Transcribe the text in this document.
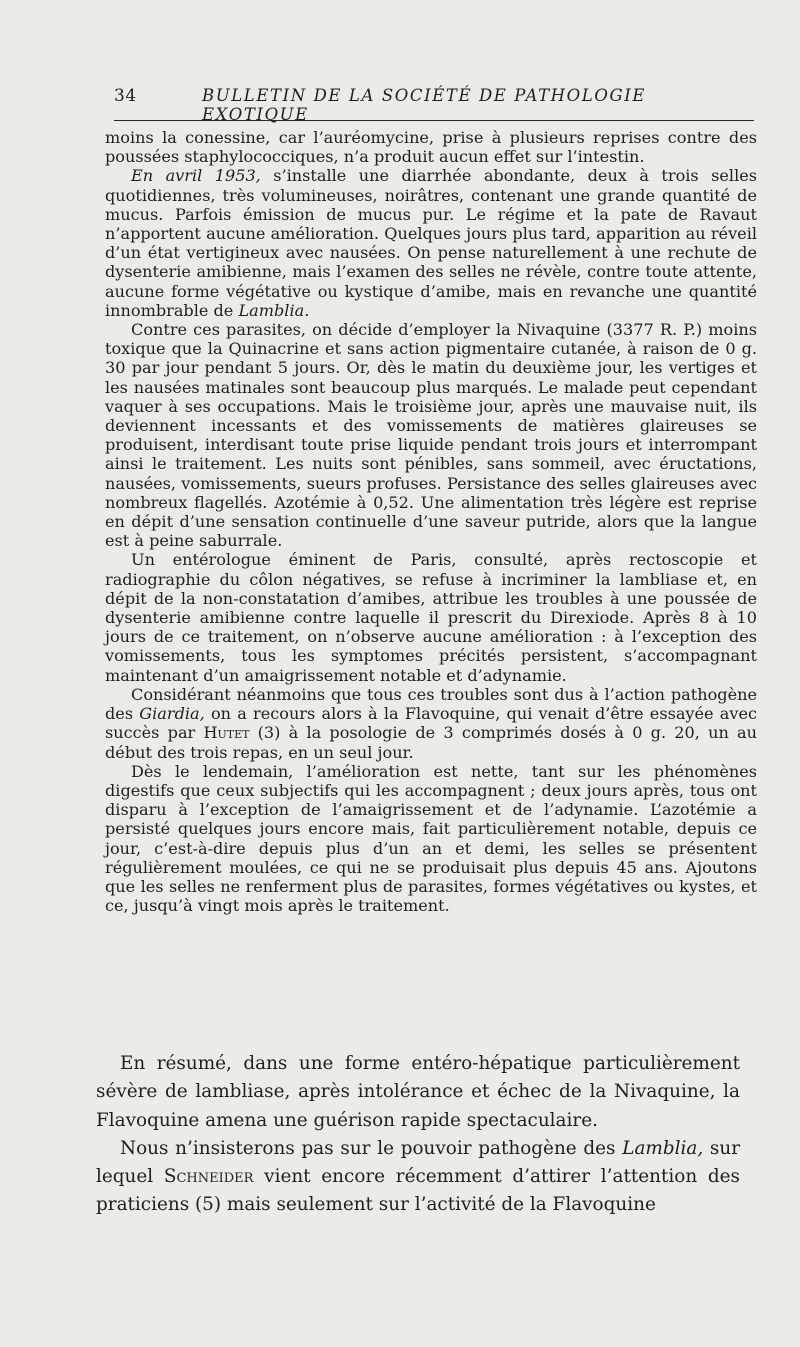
34	BULLETIN DE LA SOCIÉTÉ DE PATHOLOGIE EXOTIQUE

moins la conessine, car l’auréomycine, prise à plusieurs reprises contre des poussées staphylococciques, n’a produit aucun effet sur l’intestin.

En avril 1953, s’installe une diarrhée abondante, deux à trois selles quotidiennes, très volumineuses, noirâtres, contenant une grande quantité de mucus. Parfois émission de mucus pur. Le régime et la pate de Ravaut n’apportent aucune amélioration. Quelques jours plus tard, apparition au réveil d’un état vertigineux avec nausées. On pense naturellement à une rechute de dysenterie amibienne, mais l’examen des selles ne révèle, contre toute attente, aucune forme végétative ou kystique d’amibe, mais en revanche une quantité innombrable de Lamblia.

Contre ces parasites, on décide d’employer la Nivaquine (3377 R. P.) moins toxique que la Quinacrine et sans action pigmentaire cutanée, à raison de 0 g. 30 par jour pendant 5 jours. Or, dès le matin du deuxième jour, les vertiges et les nausées matinales sont beaucoup plus marqués. Le malade peut cependant vaquer à ses occupations. Mais le troisième jour, après une mauvaise nuit, ils deviennent incessants et des vomissements de matières glaireuses se produisent, interdisant toute prise liquide pendant trois jours et interrompant ainsi le traitement. Les nuits sont pénibles, sans sommeil, avec éructations, nausées, vomissements, sueurs profuses. Persistance des selles glaireuses avec nombreux flagellés. Azotémie à 0,52. Une alimentation très légère est reprise en dépit d’une sensation continuelle d’une saveur putride, alors que la langue est à peine saburrale.

Un entérologue éminent de Paris, consulté, après rectoscopie et radiographie du côlon négatives, se refuse à incriminer la lambliase et, en dépit de la non-constatation d’amibes, attribue les troubles à une poussée de dysenterie amibienne contre laquelle il prescrit du Direxiode. Après 8 à 10 jours de ce traitement, on n’observe aucune amélioration : à l’exception des vomissements, tous les symptomes précités persistent, s’accompagnant maintenant d’un amaigrissement notable et d’adynamie.

Considérant néanmoins que tous ces troubles sont dus à l’action pathogène des Giardia, on a recours alors à la Flavoquine, qui venait d’être essayée avec succès par Hutet (3) à la posologie de 3 comprimés dosés à 0 g. 20, un au début des trois repas, en un seul jour.

Dès le lendemain, l’amélioration est nette, tant sur les phénomènes digestifs que ceux subjectifs qui les accompagnent ; deux jours après, tous ont disparu à l’exception de l’amaigrissement et de l’adynamie. L’azotémie a persisté quelques jours encore mais, fait particulièrement notable, depuis ce jour, c’est-à-dire depuis plus d’un an et demi, les selles se présentent régulièrement moulées, ce qui ne se produisait plus depuis 45 ans. Ajoutons que les selles ne renferment plus de parasites, formes végétatives ou kystes, et ce, jusqu’à vingt mois après le traitement.

En résumé, dans une forme entéro-hépatique particulièrement sévère de lambliase, après intolérance et échec de la Nivaquine, la Flavoquine amena une guérison rapide spectaculaire.

Nous n’insisterons pas sur le pouvoir pathogène des Lamblia, sur lequel Schneider vient encore récemment d’attirer l’attention des praticiens (5) mais seulement sur l’activité de la Flavoquine
